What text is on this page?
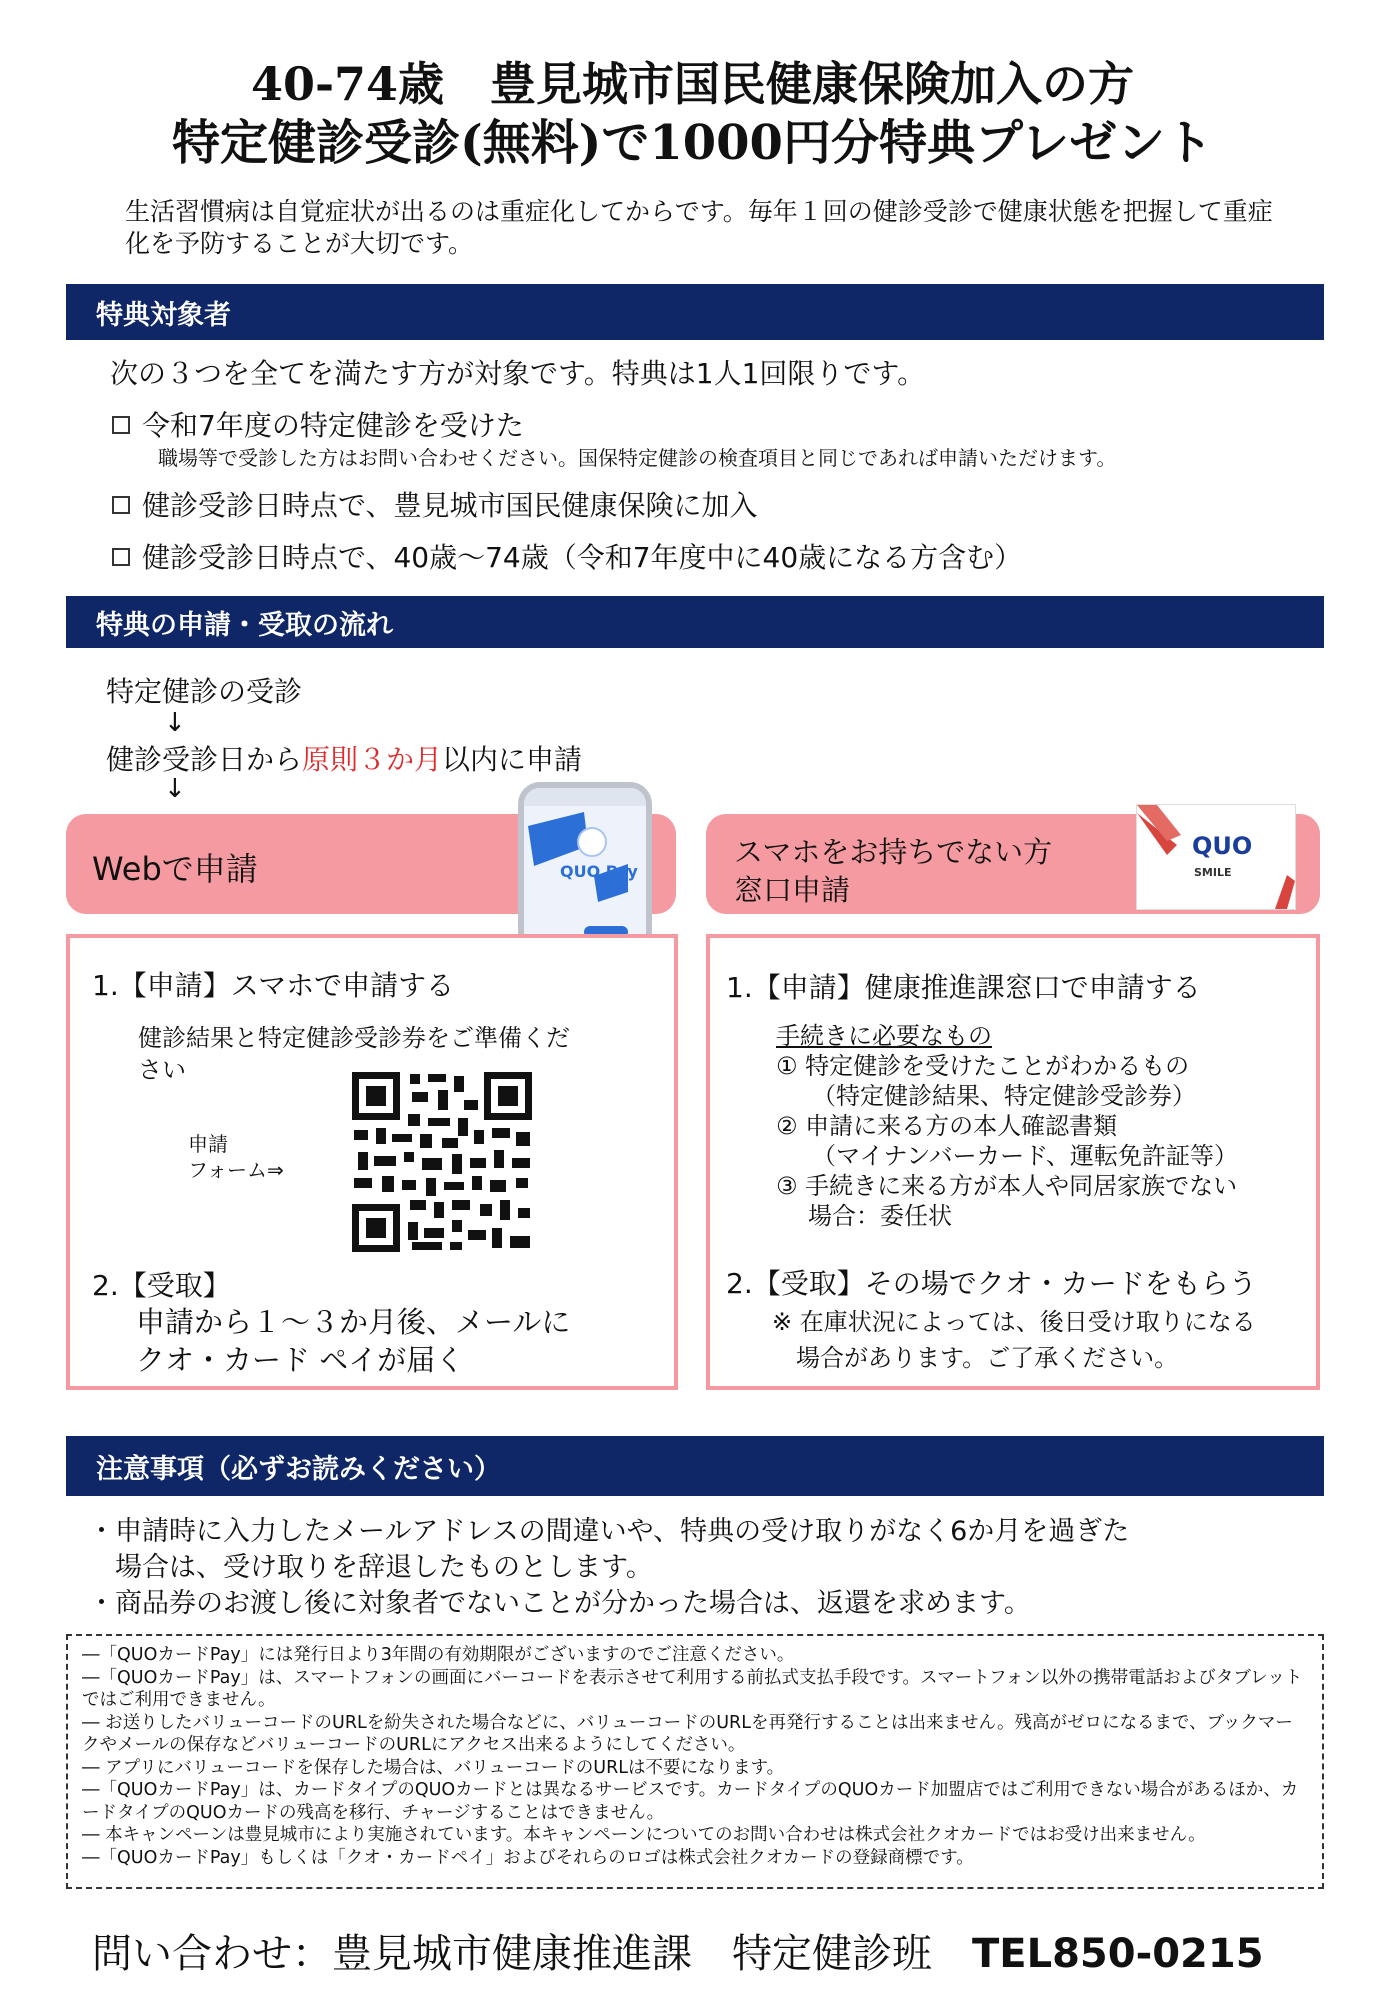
40-74歳　豊見城市国民健康保険加入の方
特定健診受診(無料)で1000円分特典プレゼント
生活習慣病は自覚症状が出るのは重症化してからです。毎年１回の健診受診で健康状態を把握して重症化を予防することが大切です。
特典対象者
次の３つを全てを満たす方が対象です。特典は1人1回限りです。
令和7年度の特定健診を受けた
職場等で受診した方はお問い合わせください。国保特定健診の検査項目と同じであれば申請いただけます。
健診受診日時点で、豊見城市国民健康保険に加入
健診受診日時点で、40歳～74歳（令和7年度中に40歳になる方含む）
特典の申請・受取の流れ
特定健診の受診
↓
健診受診日から原則３か月以内に申請
↓
Webで申請	QUO Pay
1.【申請】スマホで申請する
健診結果と特定健診受診券をご準備ください
申請
フォーム⇒
2.【受取】
申請から１～３か月後、メールに
クオ・カード ペイが届く
スマホをお持ちでない方
窓口申請
QUO
SMILE
1.【申請】健康推進課窓口で申請する
手続きに必要なもの
① 特定健診を受けたことがわかるもの
（特定健診結果、特定健診受診券）
② 申請に来る方の本人確認書類
（マイナンバーカード、運転免許証等）
③ 手続きに来る方が本人や同居家族でない
場合：委任状
2.【受取】その場でクオ・カードをもらう
※ 在庫状況によっては、後日受け取りになる
場合があります。ご了承ください。
注意事項（必ずお読みください）
・申請時に入力したメールアドレスの間違いや、特典の受け取りがなく6か月を過ぎた
　場合は、受け取りを辞退したものとします。
・商品券のお渡し後に対象者でないことが分かった場合は、返還を求めます。
―「QUOカードPay」には発行日より3年間の有効期限がございますのでご注意ください。
―「QUOカードPay」は、スマートフォンの画面にバーコードを表示させて利用する前払式支払手段です。スマートフォン以外の携帯電話およびタブレットではご利用できません。
― お送りしたバリューコードのURLを紛失された場合などに、バリューコードのURLを再発行することは出来ません。残高がゼロになるまで、ブックマークやメールの保存などバリューコードのURLにアクセス出来るようにしてください。
― アプリにバリューコードを保存した場合は、バリューコードのURLは不要になります。
―「QUOカードPay」は、カードタイプのQUOカードとは異なるサービスです。カードタイプのQUOカード加盟店ではご利用できない場合があるほか、カードタイプのQUOカードの残高を移行、チャージすることはできません。
― 本キャンペーンは豊見城市により実施されています。本キャンペーンについてのお問い合わせは株式会社クオカードではお受け出来ません。
―「QUOカードPay」もしくは「クオ・カードペイ」およびそれらのロゴは株式会社クオカードの登録商標です。
問い合わせ：豊見城市健康推進課　特定健診班 TEL850-0215
